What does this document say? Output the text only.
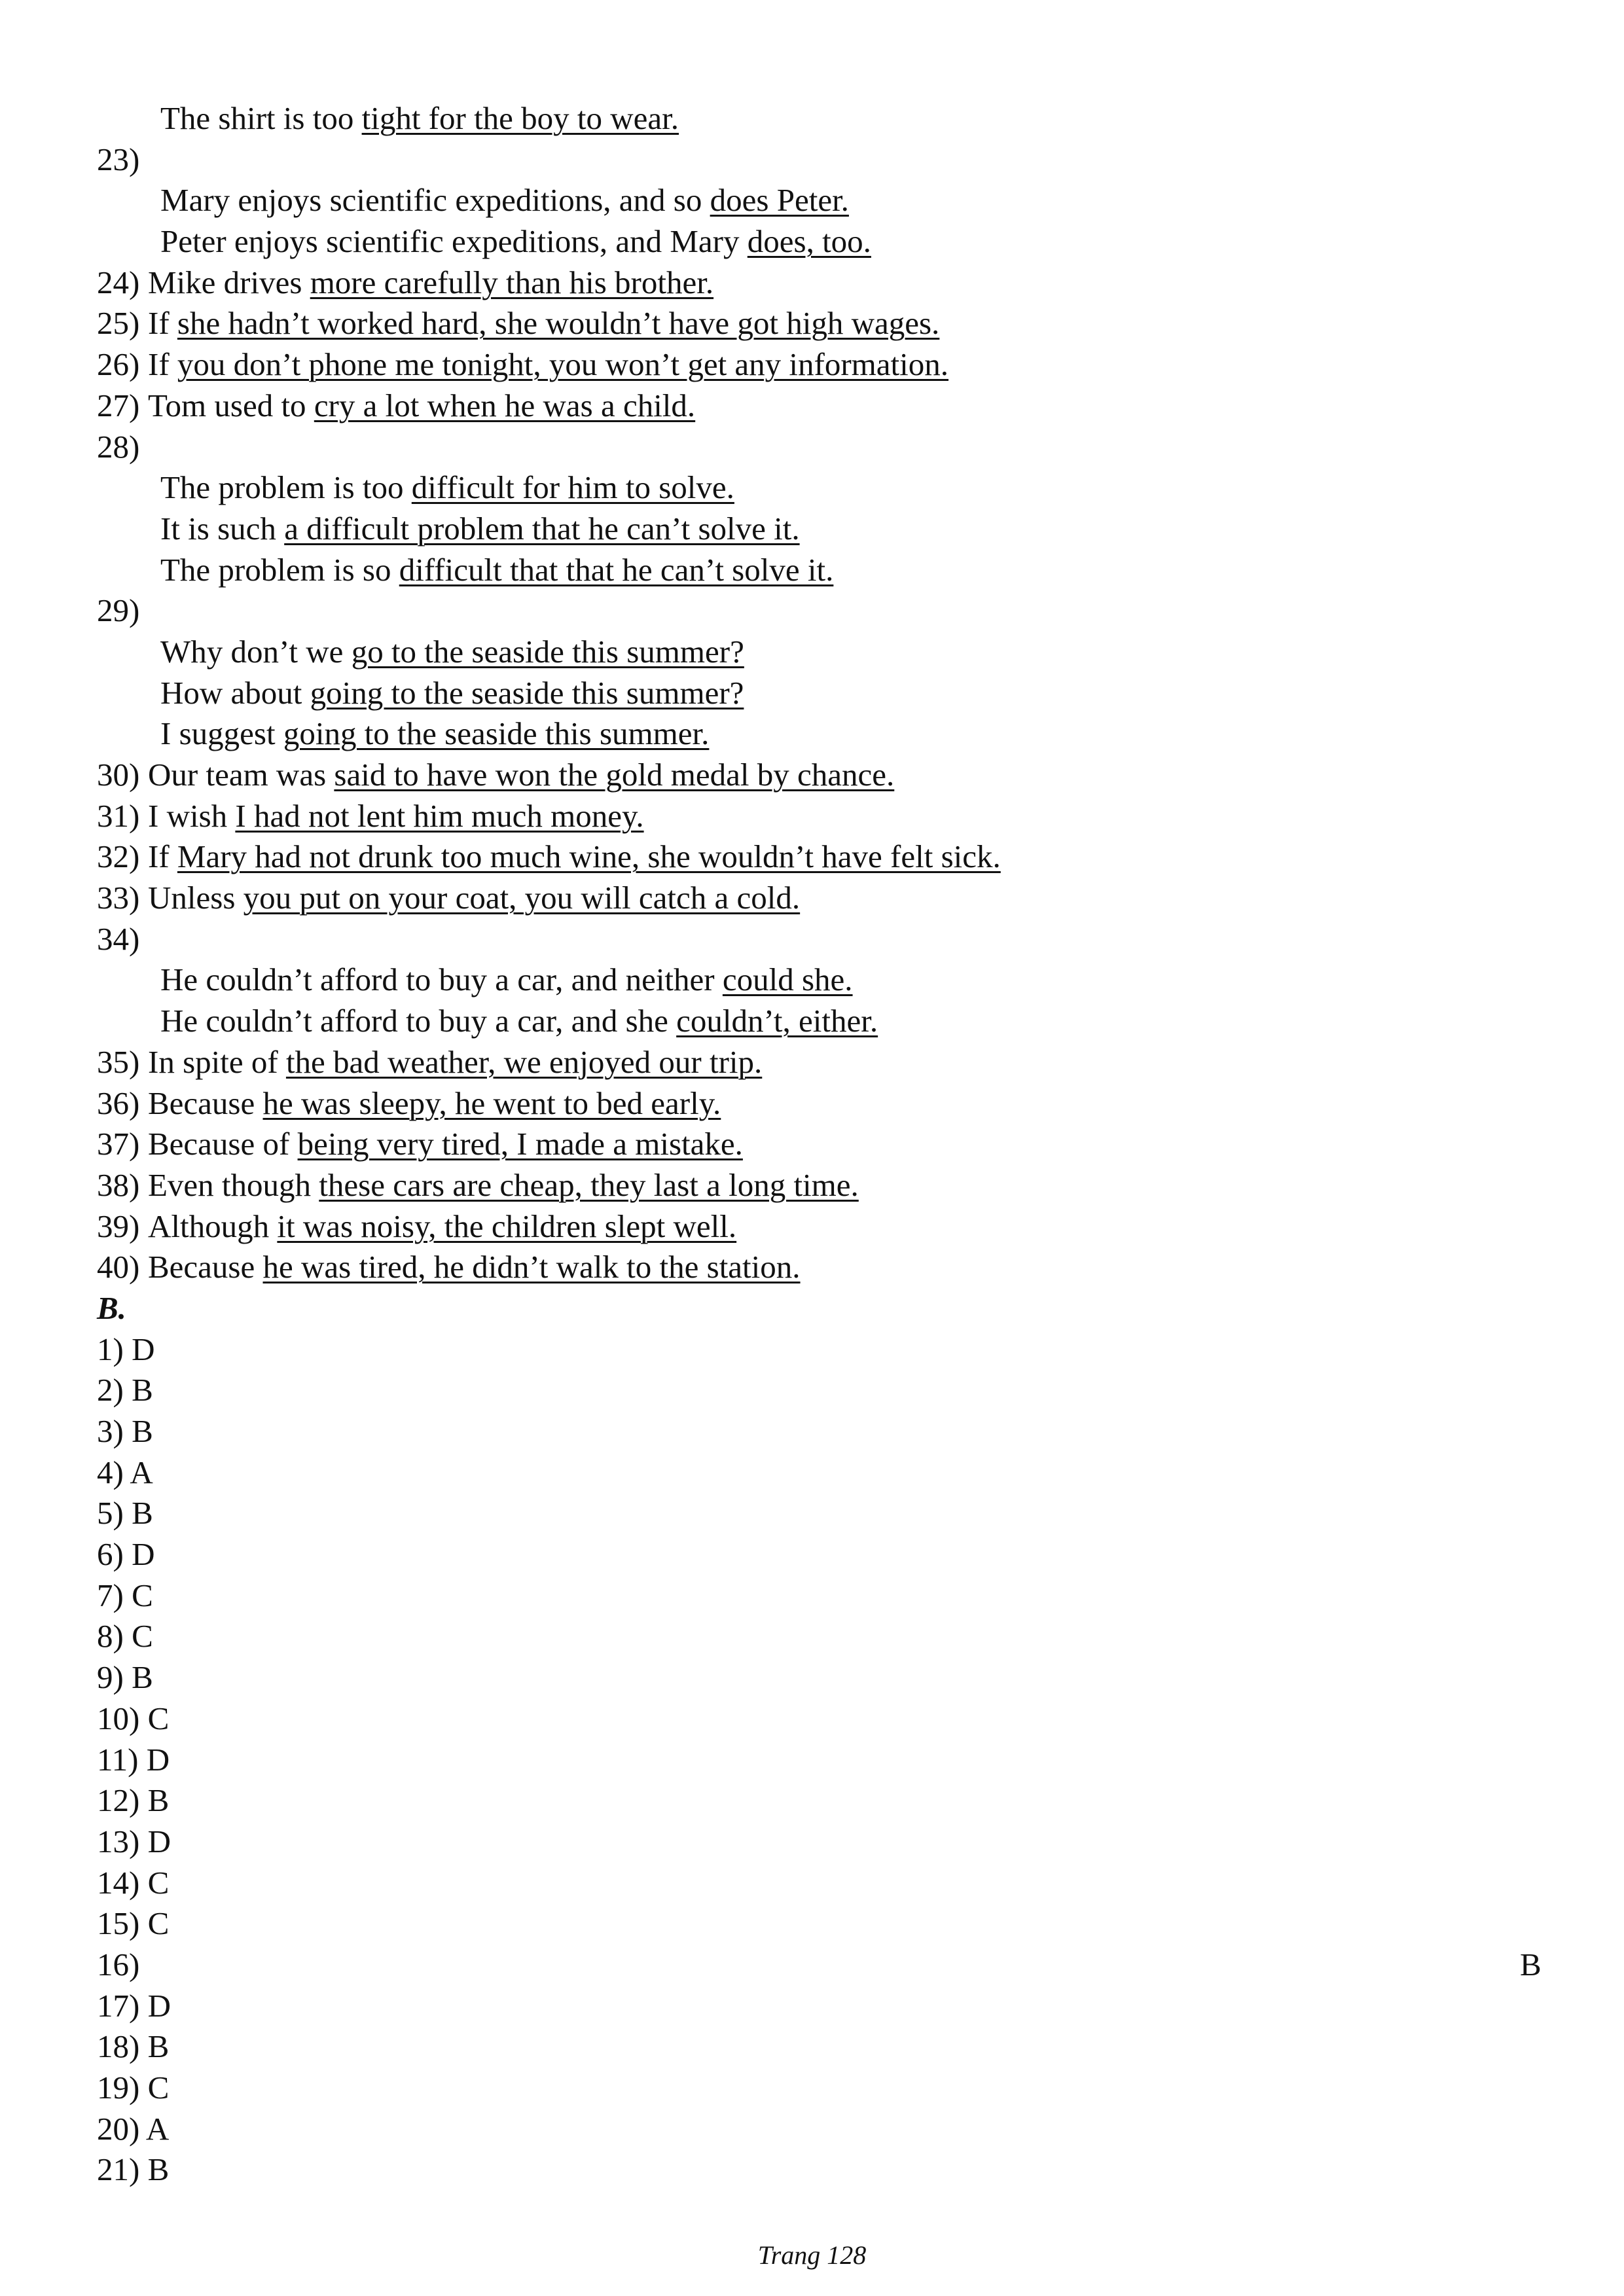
The shirt is too tight for the boy to wear.
23)
Mary enjoys scientific expeditions, and so does Peter.
Peter enjoys scientific expeditions, and Mary does, too.
24) Mike drives more carefully than his brother.
25) If she hadn’t worked hard, she wouldn’t have got high wages.
26) If you don’t phone me tonight, you won’t get any information.
27) Tom used to cry a lot when he was a child.
28)
The problem is too difficult for him to solve.
It is such a difficult problem that he can’t solve it.
The problem is so difficult that that he can’t solve it.
29)
Why don’t we go to the seaside this summer?
How about going to the seaside this summer?
I suggest going to the seaside this summer.
30) Our team was said to have won the gold medal by chance.
31) I wish I had not lent him much money.
32) If Mary had not drunk too much wine, she wouldn’t have felt sick.
33) Unless you put on your coat, you will catch a cold.
34)
He couldn’t afford to buy a car, and neither could she.
He couldn’t afford to buy a car, and she couldn’t, either.
35) In spite of the bad weather, we enjoyed our trip.
36) Because he was sleepy, he went to bed early.
37) Because of being very tired, I made a mistake.
38) Even though these cars are cheap, they last a long time.
39) Although it was noisy, the children slept well.
40) Because he was tired, he didn’t walk to the station.
B.
1) D
2) B
3) B
4) A
5) B
6) D
7) C
8) C
9) B
10) C
11) D
12) B
13) D
14) C
15) C
16)	B
17) D
18) B
19) C
20) A
21) B
Trang 128
